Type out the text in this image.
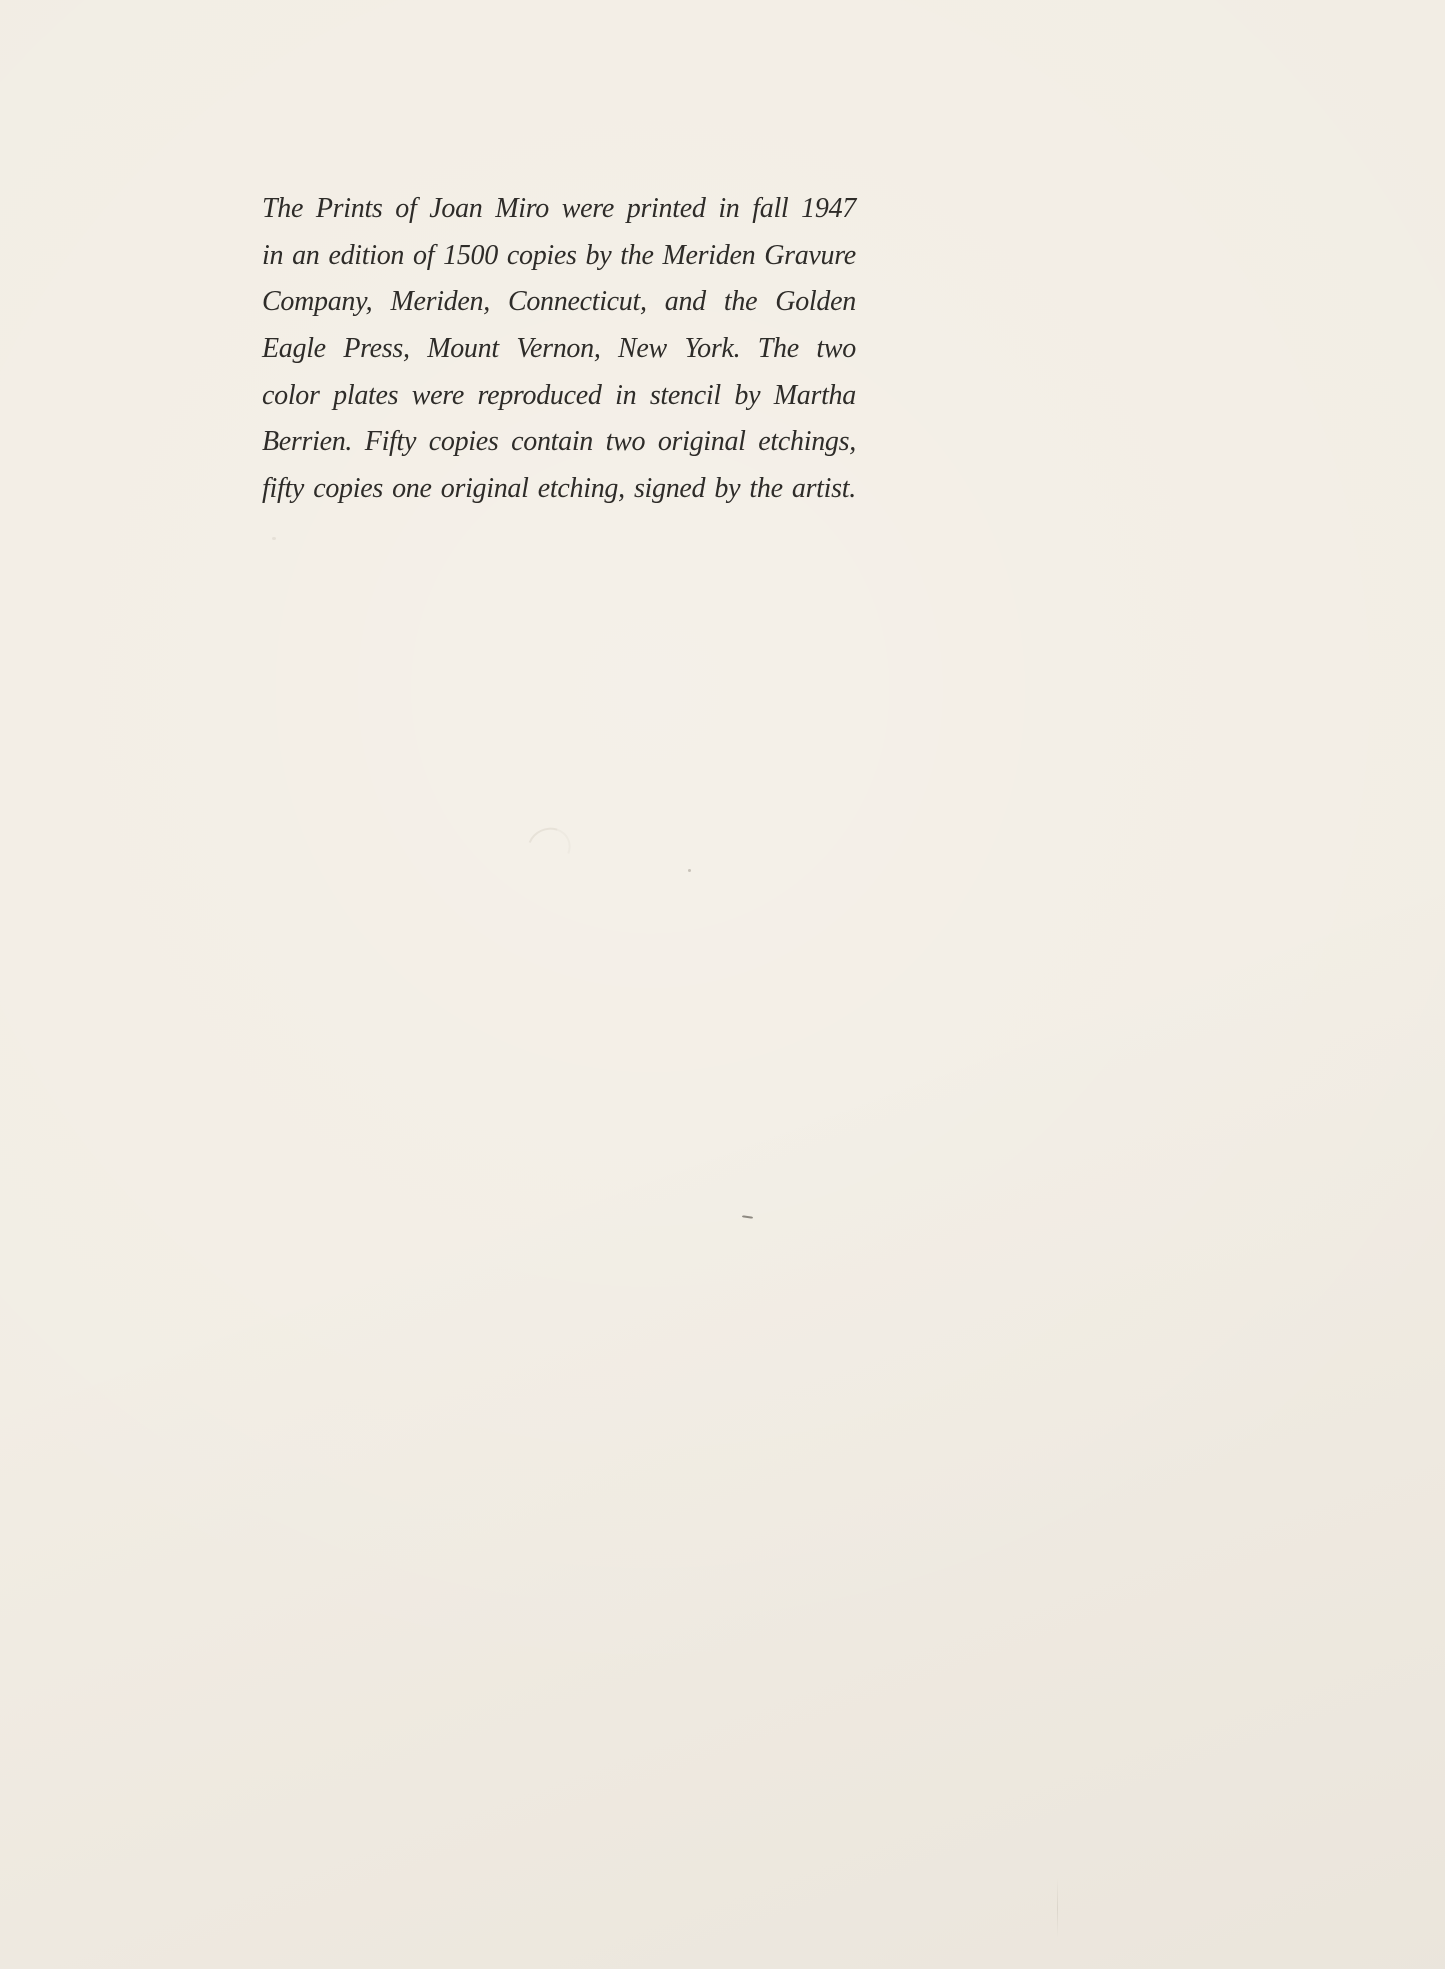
The Prints of Joan Miro were printed in fall 1947
in an edition of 1500 copies by the Meriden Gravure
Company, Meriden, Connecticut, and the Golden
Eagle Press, Mount Vernon, New York. The two
color plates were reproduced in stencil by Martha
Berrien. Fifty copies contain two original etchings,
fifty copies one original etching, signed by the artist.
